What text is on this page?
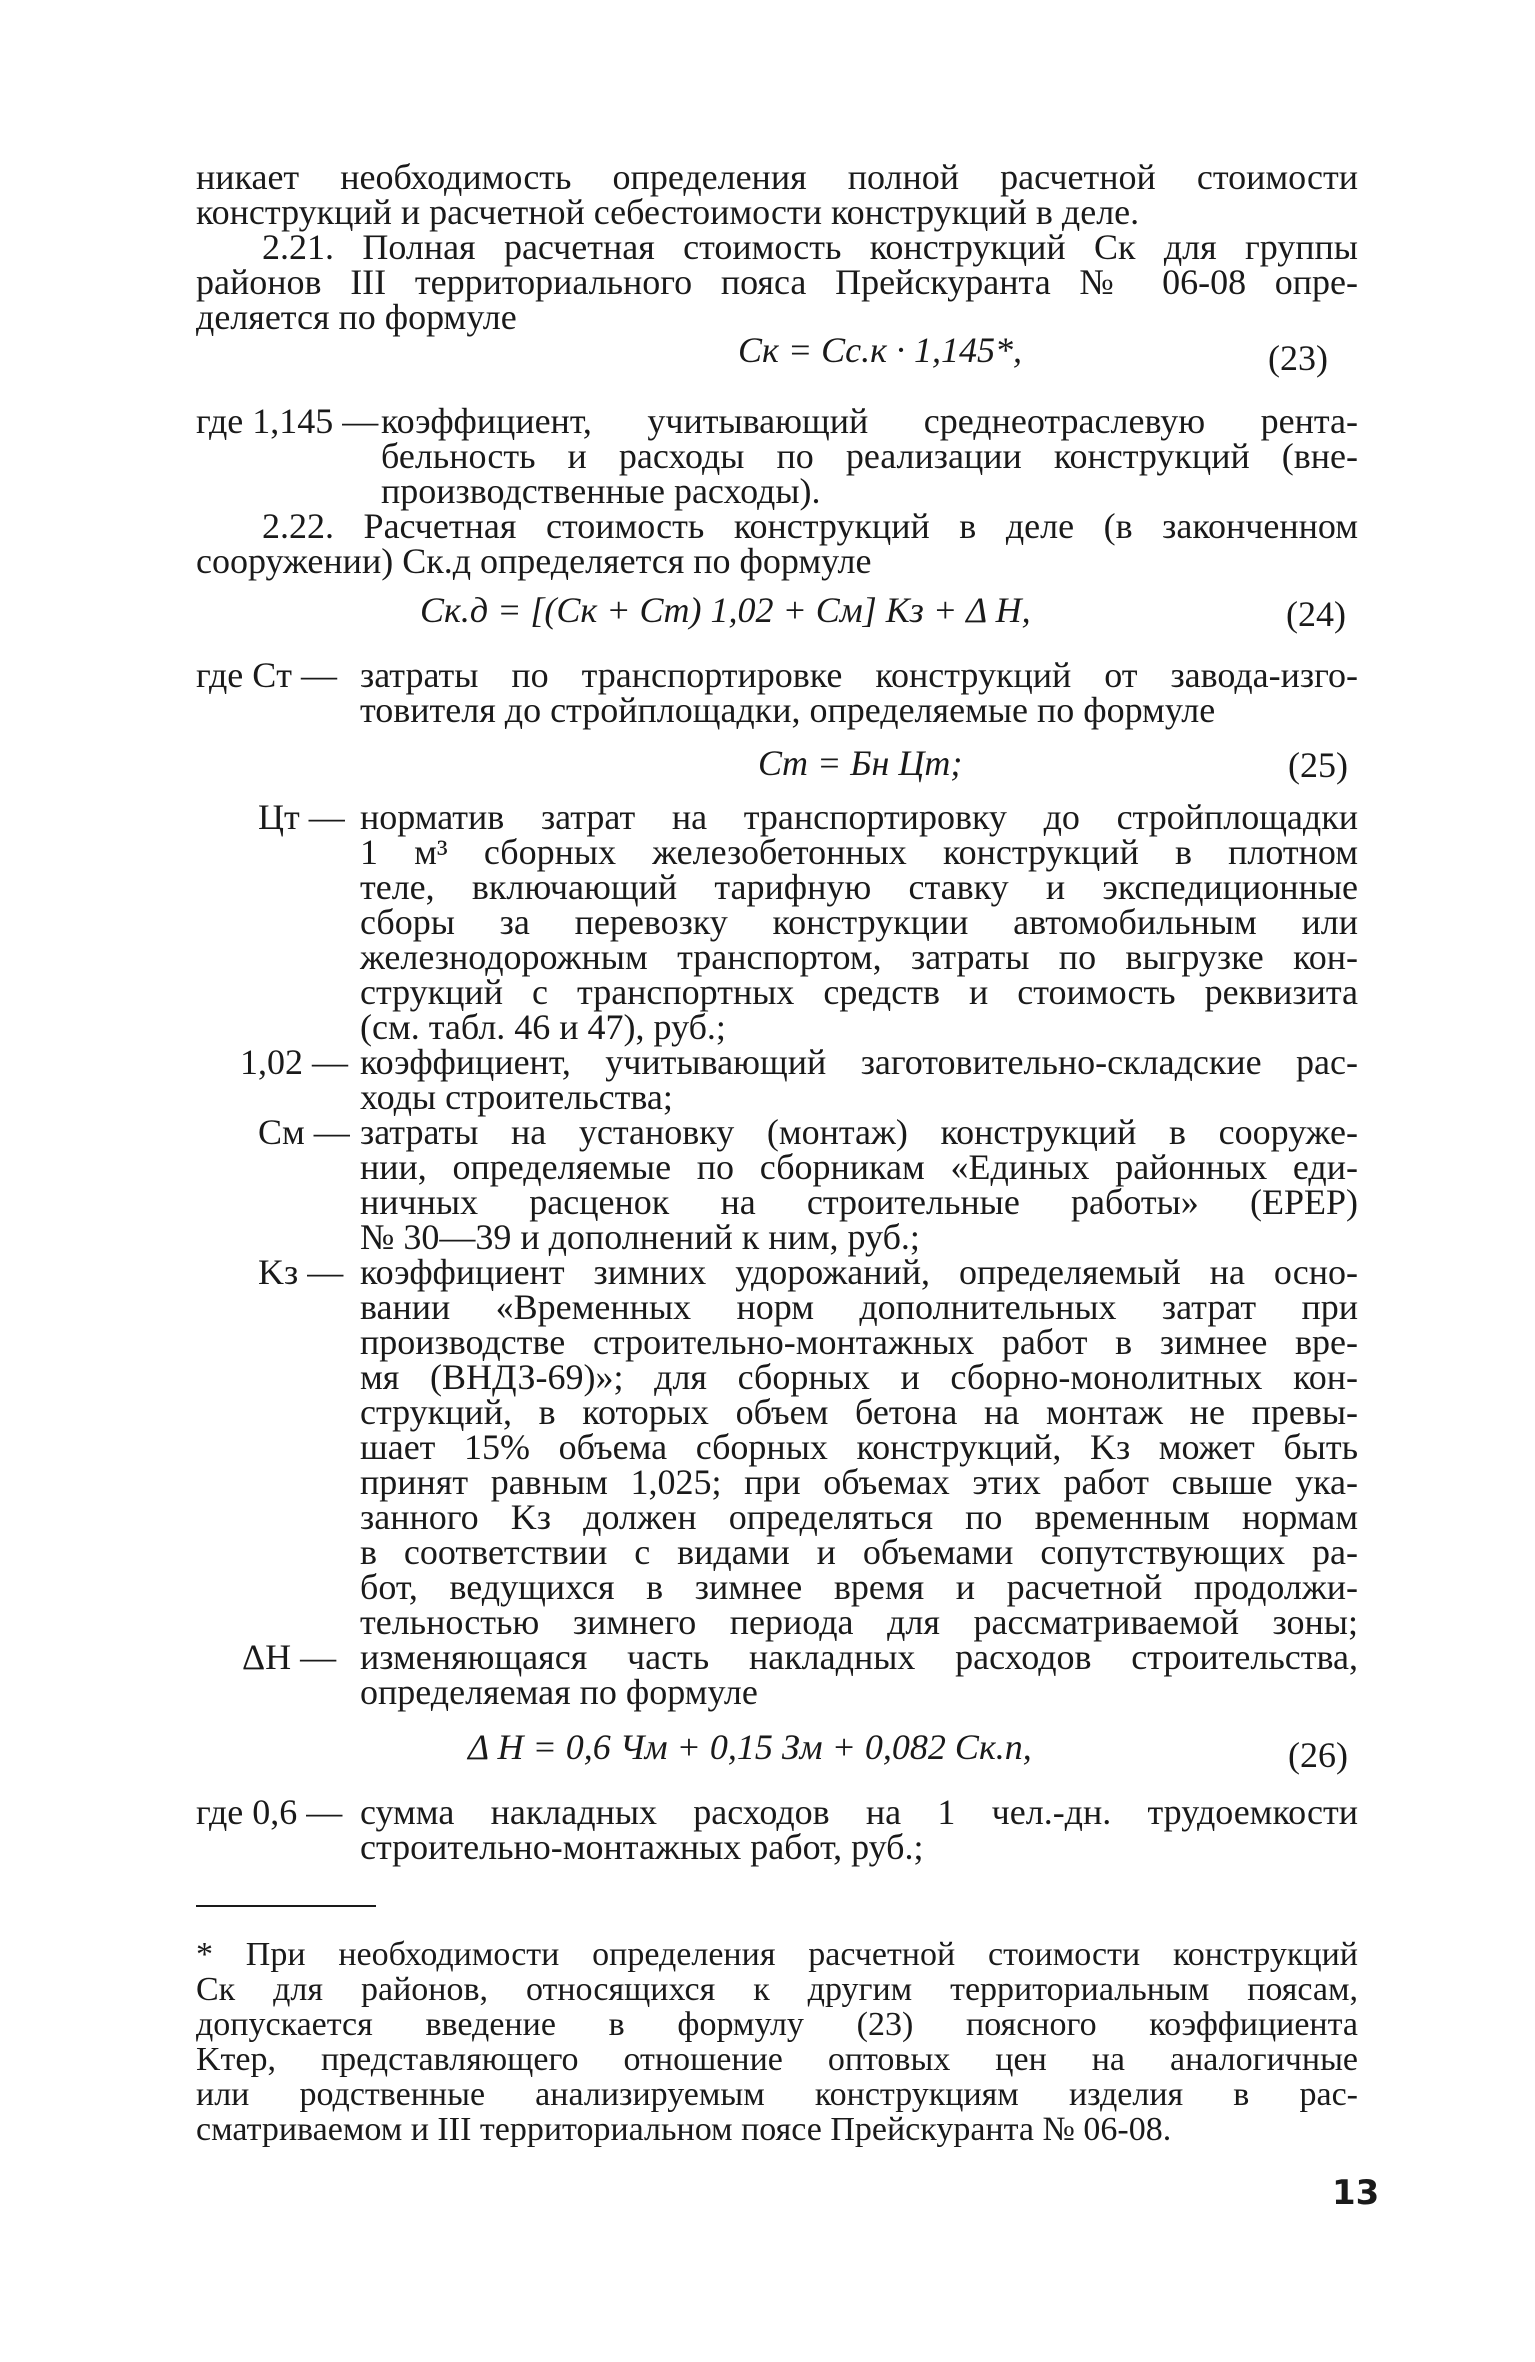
никает необходимость определения полной расчетной стоимости
конструкций и расчетной себестоимости конструкций в деле.
2.21. Полная расчетная стоимость конструкций Cк для группы
районов III территориального пояса Прейскуранта № 06-08 опре-
деляется по формуле
Cк = Cс.к · 1,145*,	(23)
где 1,145 — коэффициент, учитывающий среднеотраслевую рента-
бельность и расходы по реализации конструкций (вне-
производственные расходы).
2.22. Расчетная стоимость конструкций в деле (в законченном
сооружении) Cк.д определяется по формуле
Cк.д = [(Cк + Cт) 1,02 + Cм] Kз + Δ H,	(24)
где Cт — затраты по транспортировке конструкций от завода-изго-
товителя до стройплощадки, определяемые по формуле
Cт = Бн Цт;	(25)
Цт — норматив затрат на транспортировку до стройплощадки
1 м³ сборных железобетонных конструкций в плотном
теле, включающий тарифную ставку и экспедиционные
сборы за перевозку конструкции автомобильным или
железнодорожным транспортом, затраты по выгрузке кон-
струкций с транспортных средств и стоимость реквизита
(см. табл. 46 и 47), руб.;
1,02 — коэффициент, учитывающий заготовительно-складские рас-
ходы строительства;
Cм — затраты на установку (монтаж) конструкций в сооруже-
нии, определяемые по сборникам «Единых районных еди-
ничных расценок на строительные работы» (ЕРЕР)
№ 30—39 и дополнений к ним, руб.;
Kз — коэффициент зимних удорожаний, определяемый на осно-
вании «Временных норм дополнительных затрат при
производстве строительно-монтажных работ в зимнее вре-
мя (ВНДЗ-69)»; для сборных и сборно-монолитных кон-
струкций, в которых объем бетона на монтаж не превы-
шает 15% объема сборных конструкций, Kз может быть
принят равным 1,025; при объемах этих работ свыше ука-
занного Kз должен определяться по временным нормам
в соответствии с видами и объемами сопутствующих ра-
бот, ведущихся в зимнее время и расчетной продолжи-
тельностью зимнего периода для рассматриваемой зоны;
ΔH — изменяющаяся часть накладных расходов строительства,
определяемая по формуле
Δ H = 0,6 Чм + 0,15 Зм + 0,082 Cк.п,	(26)
где 0,6 — сумма накладных расходов на 1 чел.-дн. трудоемкости
строительно-монтажных работ, руб.;
* При необходимости определения расчетной стоимости конструкций
Cк для районов, относящихся к другим территориальным поясам,
допускается введение в формулу (23) поясного коэффициента
Kтер, представляющего отношение оптовых цен на аналогичные
или родственные анализируемым конструкциям изделия в рас-
сматриваемом и III территориальном поясе Прейскуранта № 06-08.
13
